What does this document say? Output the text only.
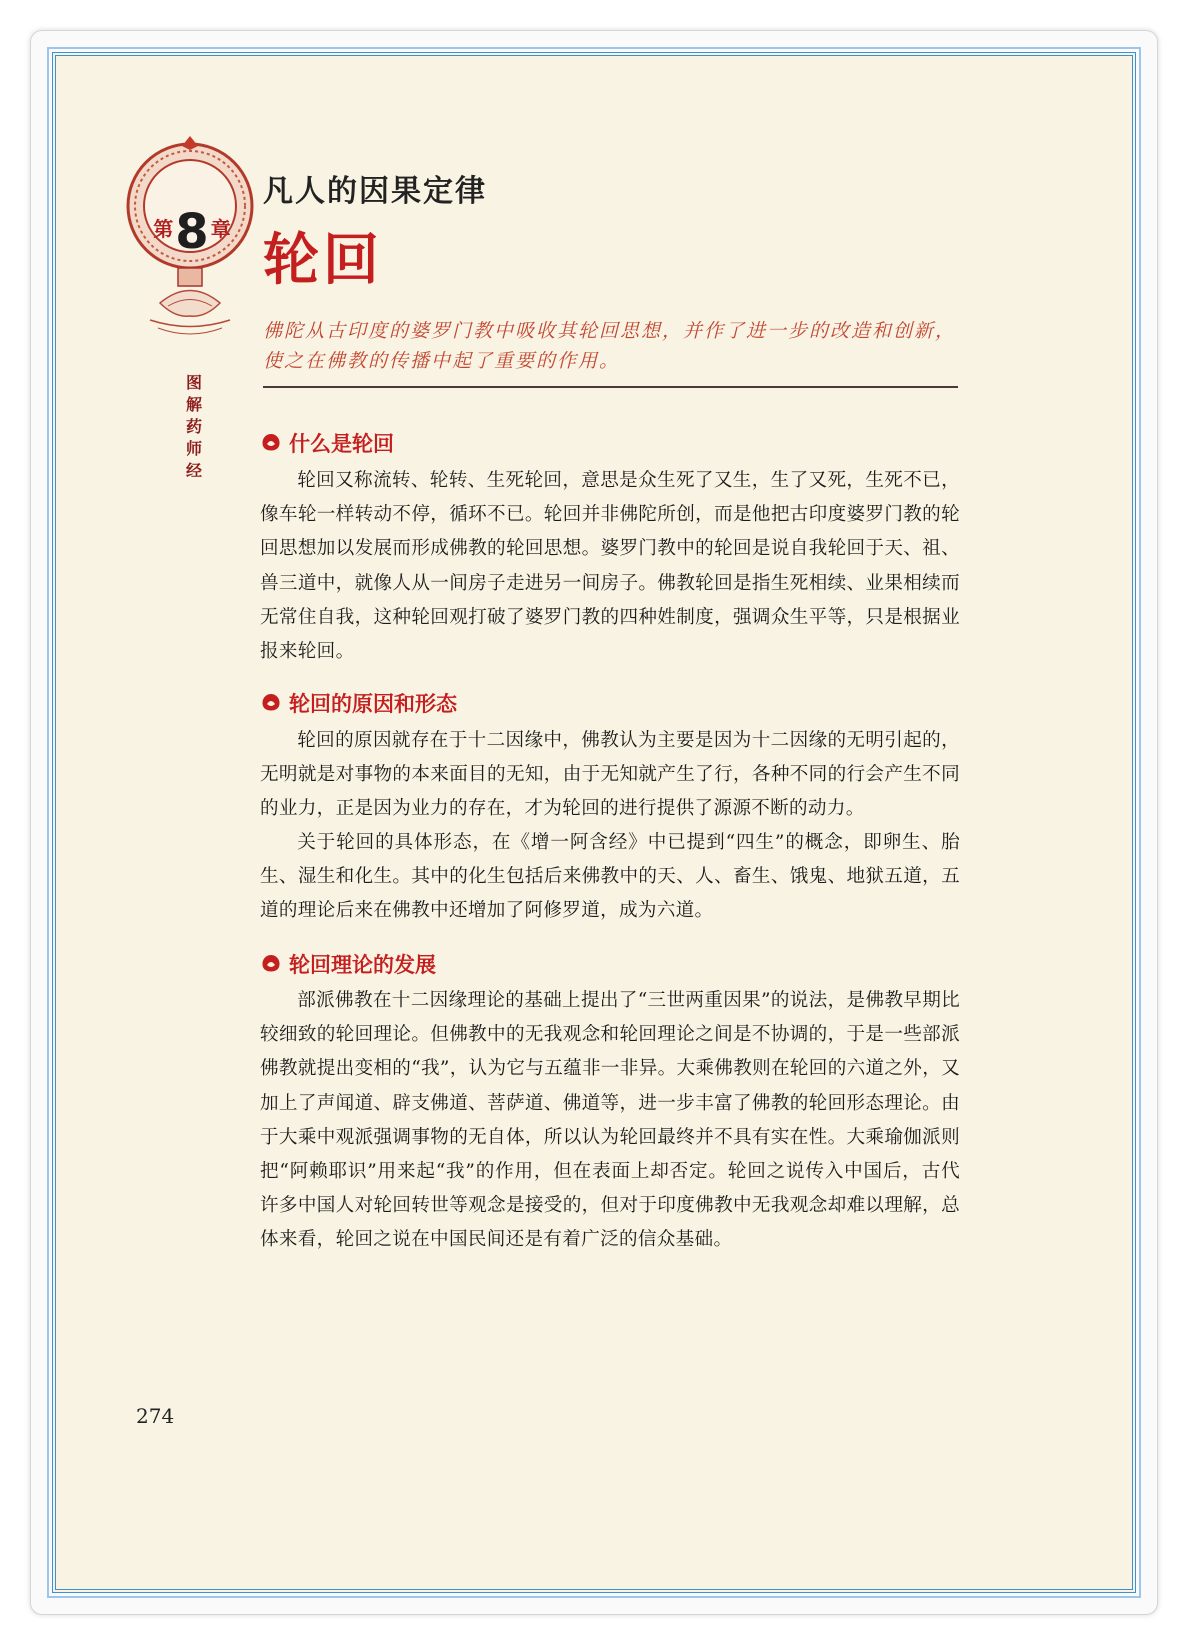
第8 章
图解药师经
凡人的因果定律
轮回
佛陀从古印度的婆罗门教中吸收其轮回思想，并作了进一步的改造和创新，使之在佛教的传播中起了重要的作用。
什么是轮回
轮回又称流转、轮转、生死轮回，意思是众生死了又生，生了又死，生死不已，像车轮一样转动不停，循环不已。轮回并非佛陀所创，而是他把古印度婆罗门教的轮回思想加以发展而形成佛教的轮回思想。婆罗门教中的轮回是说自我轮回于天、祖、兽三道中，就像人从一间房子走进另一间房子。佛教轮回是指生死相续、业果相续而无常住自我，这种轮回观打破了婆罗门教的四种姓制度，强调众生平等，只是根据业报来轮回。
轮回的原因和形态
轮回的原因就存在于十二因缘中，佛教认为主要是因为十二因缘的无明引起的，无明就是对事物的本来面目的无知，由于无知就产生了行，各种不同的行会产生不同的业力，正是因为业力的存在，才为轮回的进行提供了源源不断的动力。
关于轮回的具体形态，在《增一阿含经》中已提到“四生”的概念，即卵生、胎生、湿生和化生。其中的化生包括后来佛教中的天、人、畜生、饿鬼、地狱五道，五道的理论后来在佛教中还增加了阿修罗道，成为六道。
轮回理论的发展
部派佛教在十二因缘理论的基础上提出了“三世两重因果”的说法，是佛教早期比较细致的轮回理论。但佛教中的无我观念和轮回理论之间是不协调的，于是一些部派佛教就提出变相的“我”，认为它与五蕴非一非异。大乘佛教则在轮回的六道之外，又加上了声闻道、辟支佛道、菩萨道、佛道等，进一步丰富了佛教的轮回形态理论。由于大乘中观派强调事物的无自体，所以认为轮回最终并不具有实在性。大乘瑜伽派则把“阿赖耶识”用来起“我”的作用，但在表面上却否定。轮回之说传入中国后，古代许多中国人对轮回转世等观念是接受的，但对于印度佛教中无我观念却难以理解，总体来看，轮回之说在中国民间还是有着广泛的信众基础。
274
